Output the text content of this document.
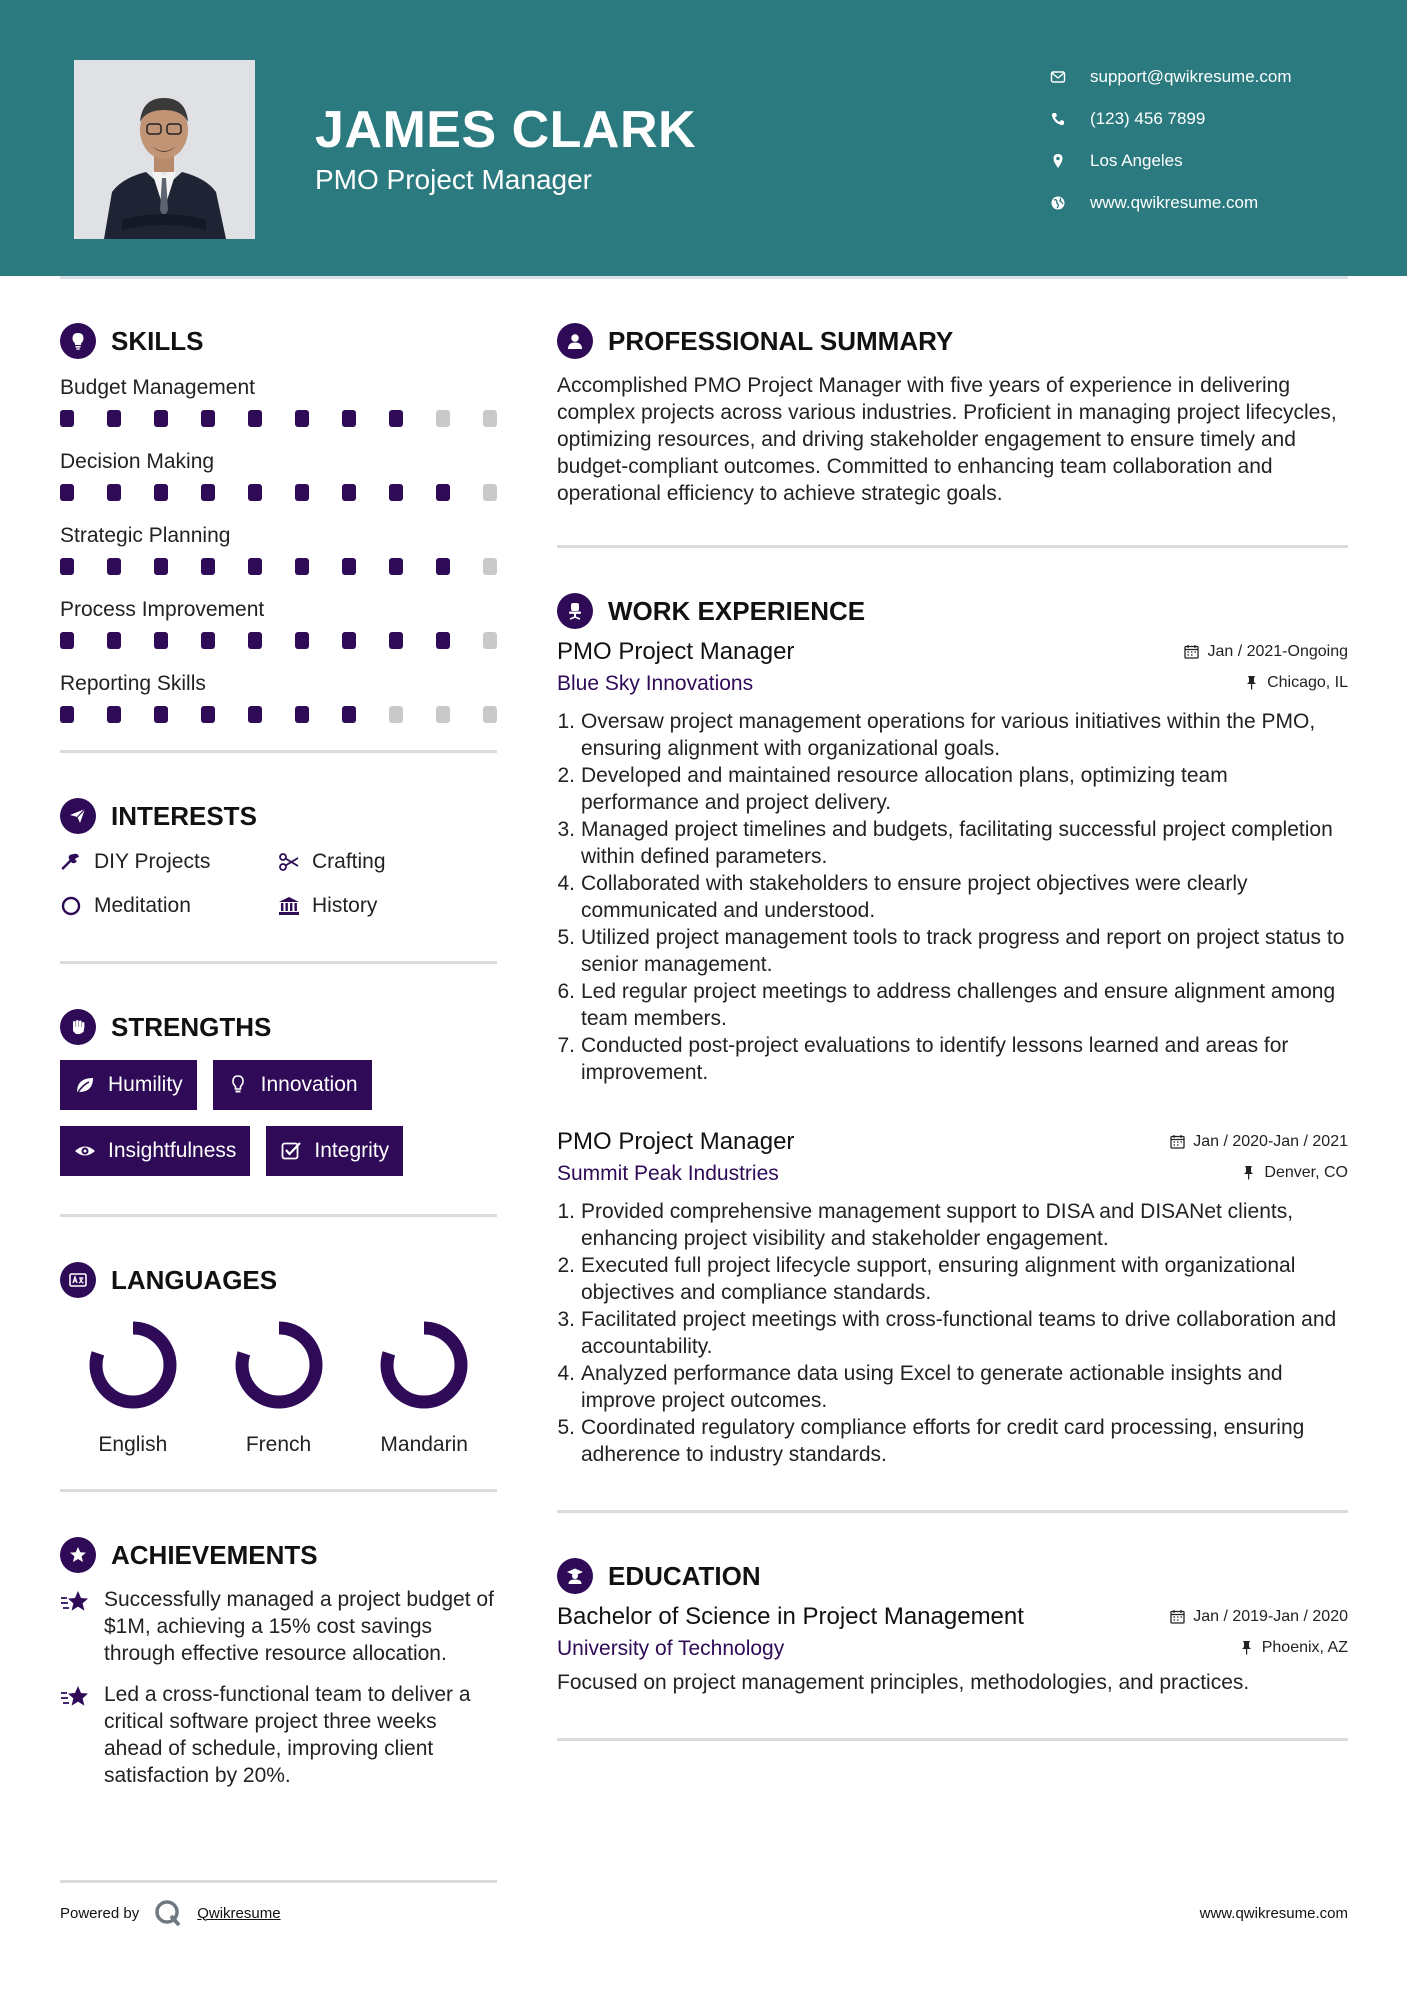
JAMES CLARK
PMO Project Manager
support@qwikresume.com
(123) 456 7899
Los Angeles
www.qwikresume.com
SKILLS
Budget Management
Decision Making
Strategic Planning
Process Improvement
Reporting Skills
INTERESTS
DIY Projects	Crafting
Meditation	History
STRENGTHS
Humility	Innovation
Insightfulness	Integrity
LANGUAGES
English	French	Mandarin
ACHIEVEMENTS
Successfully managed a project budget of $1M, achieving a 15% cost savings through effective resource allocation.
Led a cross-functional team to deliver a critical software project three weeks ahead of schedule, improving client satisfaction by 20%.
PROFESSIONAL SUMMARY
Accomplished PMO Project Manager with five years of experience in delivering complex projects across various industries. Proficient in managing project lifecycles, optimizing resources, and driving stakeholder engagement to ensure timely and budget-compliant outcomes. Committed to enhancing team collaboration and operational efficiency to achieve strategic goals.
WORK EXPERIENCE
PMO Project Manager	Jan / 2021-Ongoing
Blue Sky Innovations	Chicago, IL
1. Oversaw project management operations for various initiatives within the PMO, ensuring alignment with organizational goals.
2. Developed and maintained resource allocation plans, optimizing team performance and project delivery.
3. Managed project timelines and budgets, facilitating successful project completion within defined parameters.
4. Collaborated with stakeholders to ensure project objectives were clearly communicated and understood.
5. Utilized project management tools to track progress and report on project status to senior management.
6. Led regular project meetings to address challenges and ensure alignment among team members.
7. Conducted post-project evaluations to identify lessons learned and areas for improvement.
PMO Project Manager	Jan / 2020-Jan / 2021
Summit Peak Industries	Denver, CO
1. Provided comprehensive management support to DISA and DISANet clients, enhancing project visibility and stakeholder engagement.
2. Executed full project lifecycle support, ensuring alignment with organizational objectives and compliance standards.
3. Facilitated project meetings with cross-functional teams to drive collaboration and accountability.
4. Analyzed performance data using Excel to generate actionable insights and improve project outcomes.
5. Coordinated regulatory compliance efforts for credit card processing, ensuring adherence to industry standards.
EDUCATION
Bachelor of Science in Project Management	Jan / 2019-Jan / 2020
University of Technology	Phoenix, AZ
Focused on project management principles, methodologies, and practices.
Powered by	Qwikresume	www.qwikresume.com
